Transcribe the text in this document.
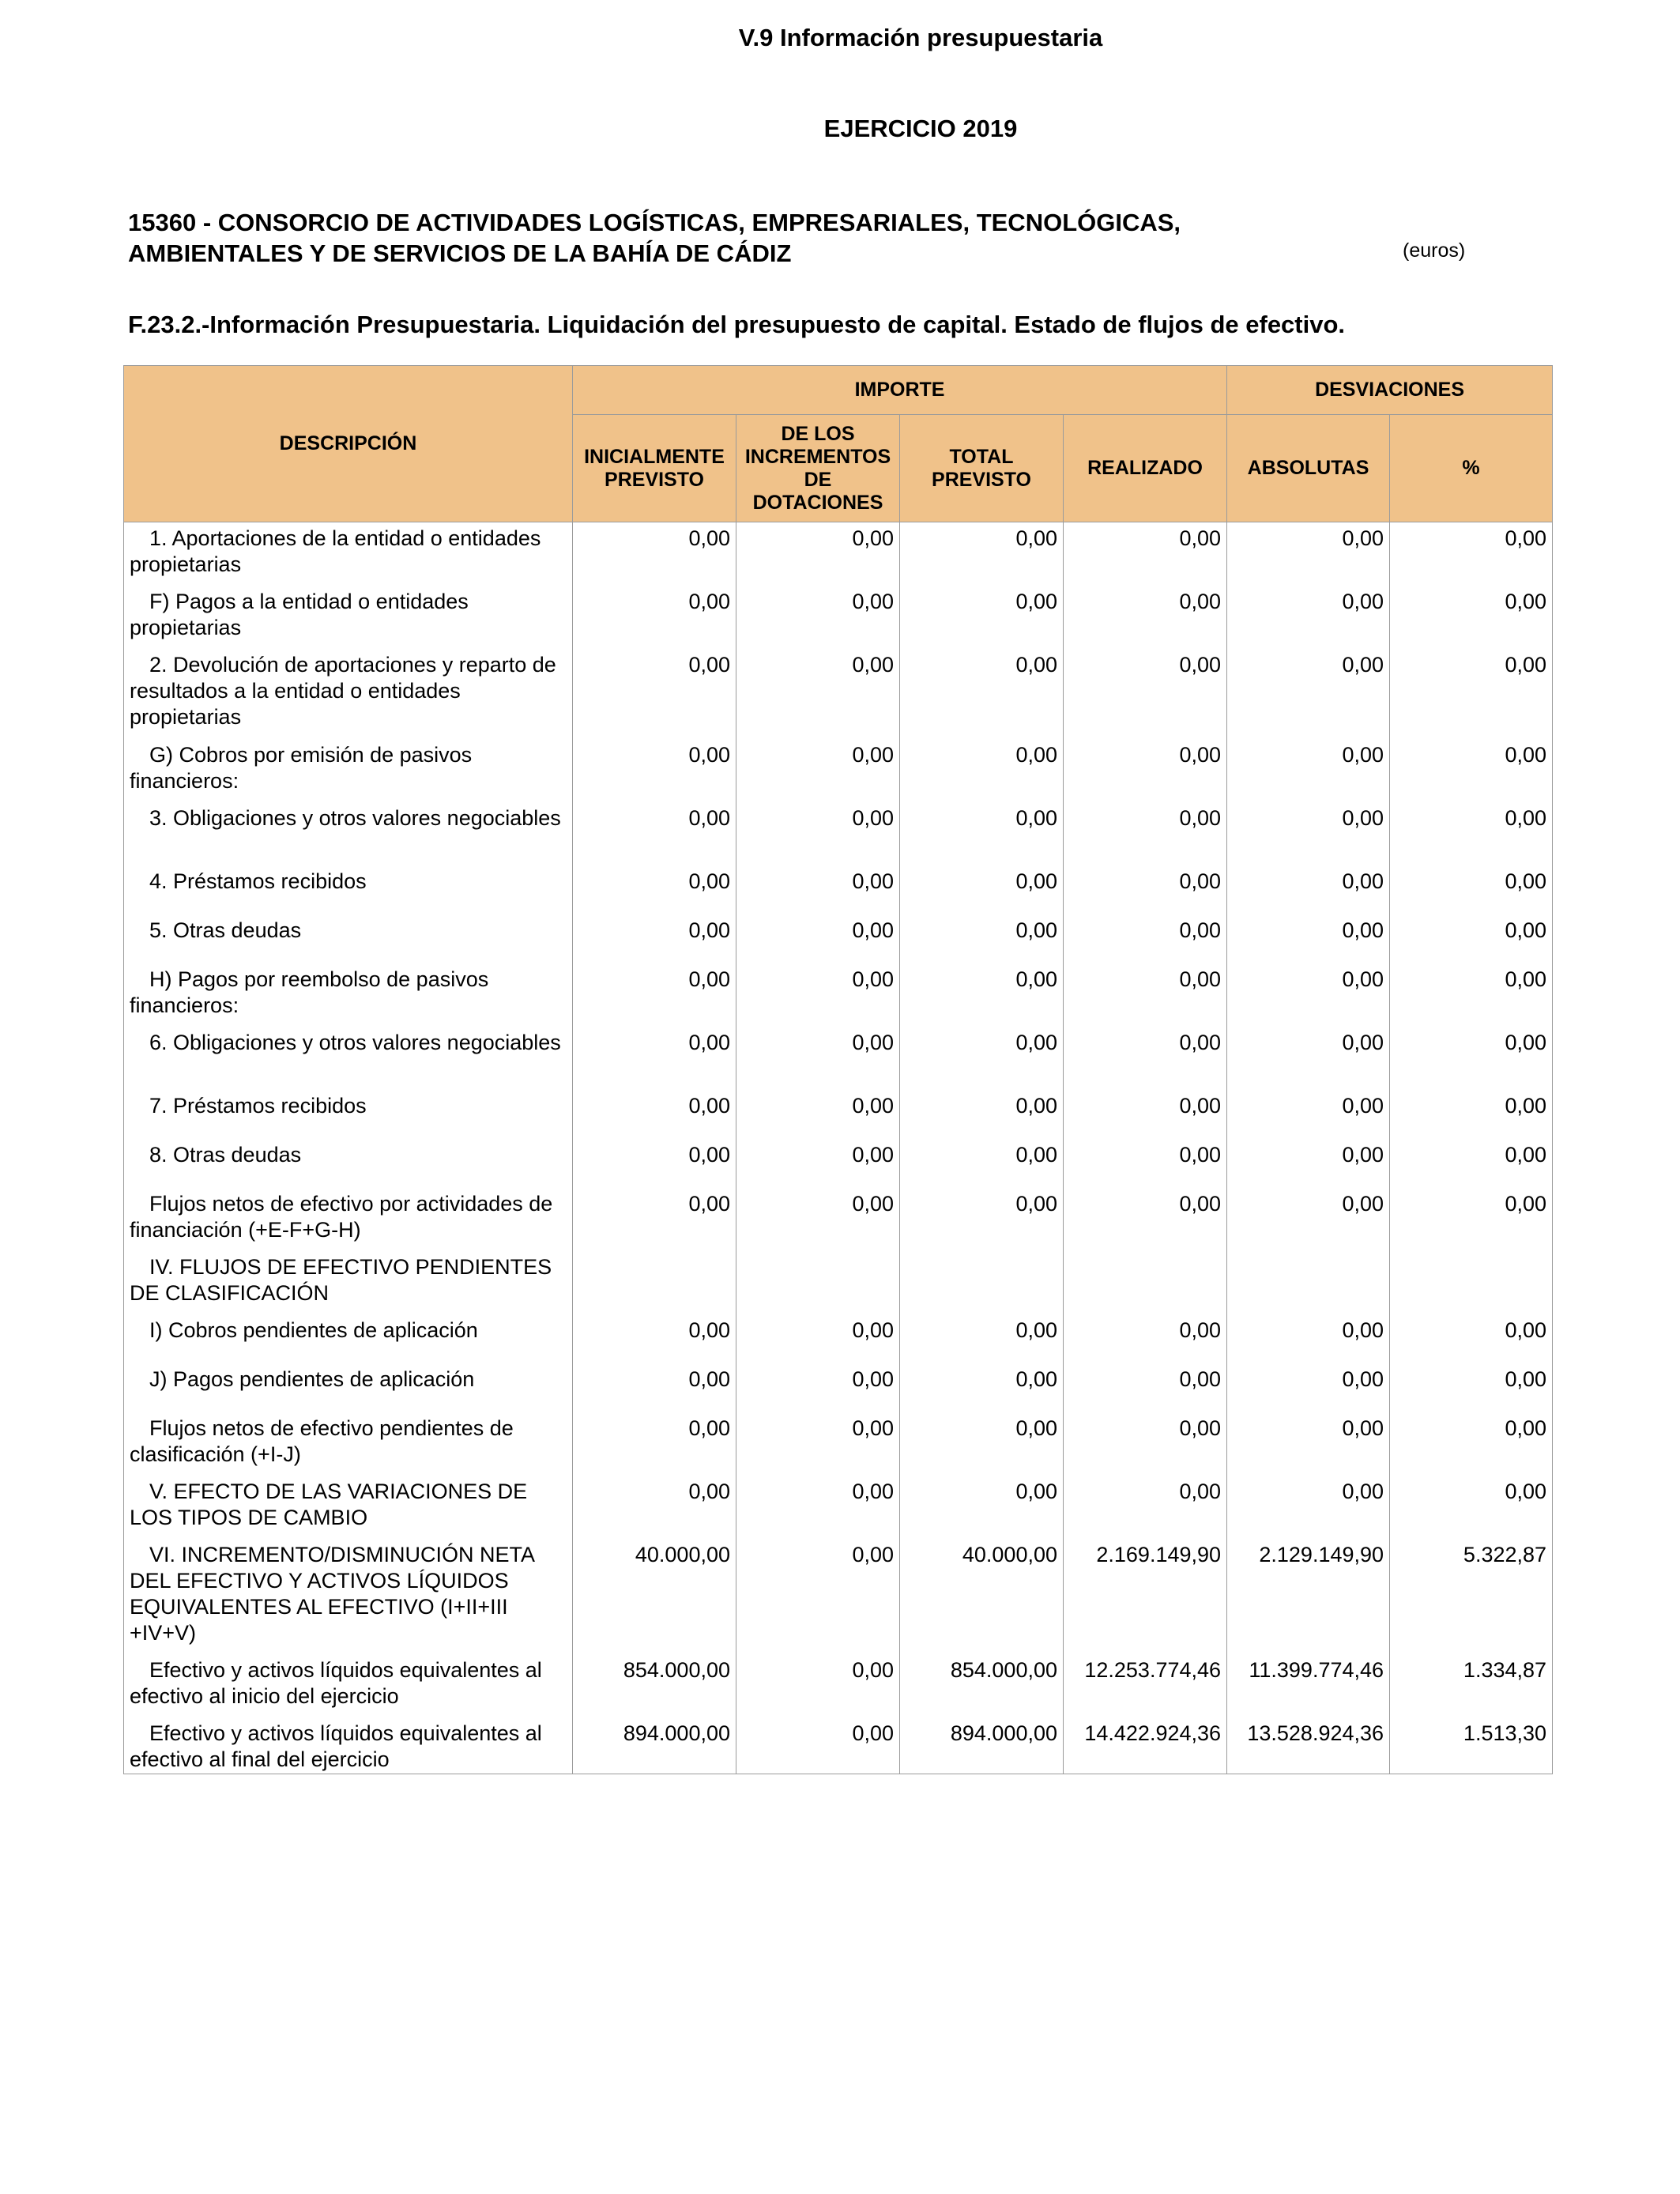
V.9 Información presupuestaria
EJERCICIO 2019
15360 - CONSORCIO DE ACTIVIDADES LOGÍSTICAS, EMPRESARIALES, TECNOLÓGICAS,
AMBIENTALES Y DE SERVICIOS DE LA BAHÍA DE CÁDIZ	(euros)
F.23.2.-Información Presupuestaria. Liquidación del presupuesto de capital. Estado de flujos de efectivo.
DESCRIPCIÓN	IMPORTE				DESVIACIONES	
	INICIALMENTE PREVISTO	DE LOS INCREMENTOS DE DOTACIONES	TOTAL PREVISTO	REALIZADO	ABSOLUTAS	%
1. Aportaciones de la entidad o entidades propietarias	0,00	0,00	0,00	0,00	0,00	0,00
F) Pagos a la entidad o entidades propietarias	0,00	0,00	0,00	0,00	0,00	0,00
2. Devolución de aportaciones y reparto de resultados a la entidad o entidades propietarias	0,00	0,00	0,00	0,00	0,00	0,00
G) Cobros por emisión de pasivos financieros:	0,00	0,00	0,00	0,00	0,00	0,00
3. Obligaciones y otros valores negociables	0,00	0,00	0,00	0,00	0,00	0,00
4. Préstamos recibidos	0,00	0,00	0,00	0,00	0,00	0,00
5. Otras deudas	0,00	0,00	0,00	0,00	0,00	0,00
H) Pagos por reembolso de pasivos financieros:	0,00	0,00	0,00	0,00	0,00	0,00
6. Obligaciones y otros valores negociables	0,00	0,00	0,00	0,00	0,00	0,00
7. Préstamos recibidos	0,00	0,00	0,00	0,00	0,00	0,00
8. Otras deudas	0,00	0,00	0,00	0,00	0,00	0,00
Flujos netos de efectivo por actividades de financiación (+E-F+G-H)	0,00	0,00	0,00	0,00	0,00	0,00
IV. FLUJOS DE EFECTIVO PENDIENTES DE CLASIFICACIÓN						
I) Cobros pendientes de aplicación	0,00	0,00	0,00	0,00	0,00	0,00
J) Pagos pendientes de aplicación	0,00	0,00	0,00	0,00	0,00	0,00
Flujos netos de efectivo pendientes de clasificación (+I-J)	0,00	0,00	0,00	0,00	0,00	0,00
V. EFECTO DE LAS VARIACIONES DE LOS TIPOS DE CAMBIO	0,00	0,00	0,00	0,00	0,00	0,00
VI. INCREMENTO/DISMINUCIÓN NETA DEL EFECTIVO Y ACTIVOS LÍQUIDOS EQUIVALENTES AL EFECTIVO (I+II+III +IV+V)	40.000,00	0,00	40.000,00	2.169.149,90	2.129.149,90	5.322,87
Efectivo y activos líquidos equivalentes al efectivo al inicio del ejercicio	854.000,00	0,00	854.000,00	12.253.774,46	11.399.774,46	1.334,87
Efectivo y activos líquidos equivalentes al efectivo al final del ejercicio	894.000,00	0,00	894.000,00	14.422.924,36	13.528.924,36	1.513,30
